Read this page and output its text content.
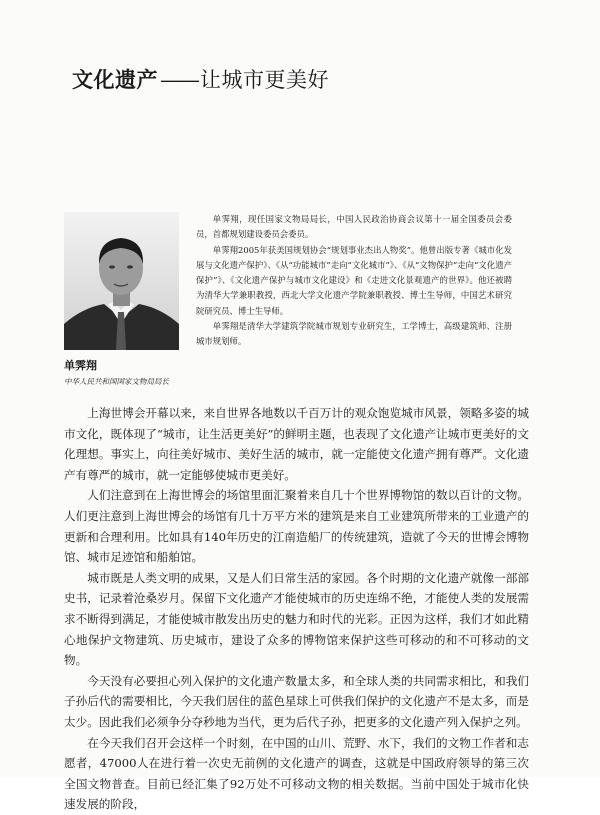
文化遗产——让城市更美好

单霁翔，现任国家文物局局长，中国人民政治协商会议第十一届全国委员会委员，首都规划建设委员会委员。

单霁翔2005年获美国规划协会“规划事业杰出人物奖”。他曾出版专著《城市化发展与文化遗产保护》、《从“功能城市”走向“文化城市”》、《从“文物保护”走向“文化遗产保护”》、《文化遗产保护与城市文化建设》和《走进文化景观遗产的世界》。他还被聘为清华大学兼职教授，西北大学文化遗产学院兼职教授、博士生导师，中国艺术研究院研究员、博士生导师。

单霁翔是清华大学建筑学院城市规划专业研究生，工学博士，高级建筑师、注册城市规划师。

单霁翔
中华人民共和国国家文物局局长

上海世博会开幕以来，来自世界各地数以千百万计的观众饱览城市风景，领略多姿的城市文化，既体现了“城市，让生活更美好”的鲜明主题，也表现了文化遗产让城市更美好的文化理想。事实上，向往美好城市、美好生活的城市，就一定能使文化遗产拥有尊严。文化遗产有尊严的城市，就一定能够使城市更美好。

人们注意到在上海世博会的场馆里面汇聚着来自几十个世界博物馆的数以百计的文物。人们更注意到上海世博会的场馆有几十万平方米的建筑是来自工业建筑所带来的工业遗产的更新和合理利用。比如具有140年历史的江南造船厂的传统建筑，造就了今天的世博会博物馆、城市足迹馆和船舶馆。

城市既是人类文明的成果，又是人们日常生活的家园。各个时期的文化遗产就像一部部史书，记录着沧桑岁月。保留下文化遗产才能使城市的历史连绵不绝，才能使人类的发展需求不断得到满足，才能使城市散发出历史的魅力和时代的光彩。正因为这样，我们才如此精心地保护文物建筑、历史城市，建设了众多的博物馆来保护这些可移动的和不可移动的文物。

今天没有必要担心列入保护的文化遗产数量太多，和全球人类的共同需求相比，和我们子孙后代的需要相比，今天我们居住的蓝色星球上可供我们保护的文化遗产不是太多，而是太少。因此我们必须争分夺秒地为当代，更为后代子孙，把更多的文化遗产列入保护之列。

在今天我们召开会这样一个时刻，在中国的山川、荒野、水下，我们的文物工作者和志愿者，47000人在进行着一次史无前例的文化遗产的调查，这就是中国政府领导的第三次全国文物普查。目前已经汇集了92万处不可移动文物的相关数据。当前中国处于城市化快速发展的阶段，
